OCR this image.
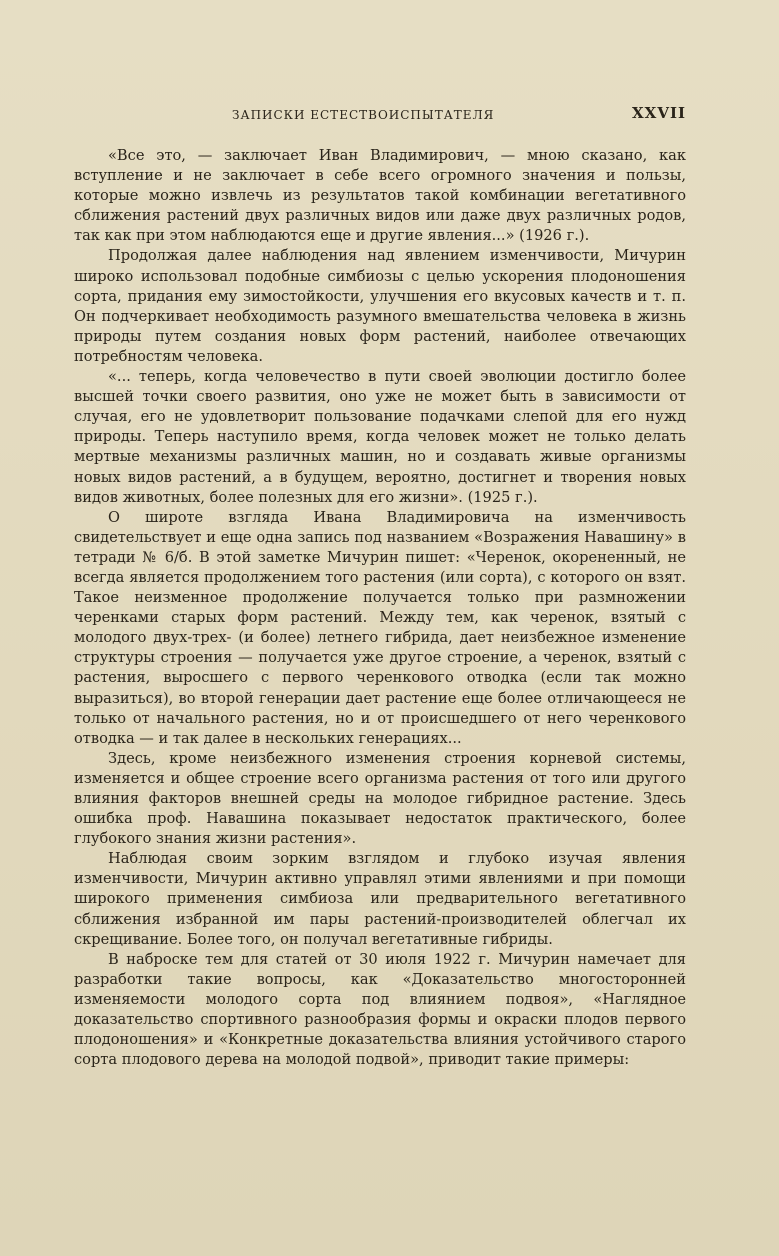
ЗАПИСКИ ЕСТЕСТВОИСПЫТАТЕЛЯ	XXVII

«Все это, — заключает Иван Владимирович, — мною сказано, как вступление и не заключает в себе всего огромного значения и пользы, которые можно извлечь из результатов такой комбинации вегетативного сближения растений двух различных видов или даже двух различных родов, так как при этом наблюдаются еще и другие явления...» (1926 г.).

Продолжая далее наблюдения над явлением изменчивости, Мичурин широко использовал подобные симбиозы с целью ускорения плодоношения сорта, придания ему зимостойкости, улучшения его вкусовых качеств и т. п. Он подчеркивает необходимость разумного вмешательства человека в жизнь природы путем создания новых форм растений, наиболее отвечающих потребностям человека.

«... теперь, когда человечество в пути своей эволюции достигло более высшей точки своего развития, оно уже не может быть в зависимости от случая, его не удовлетворит пользование подачками слепой для его нужд природы. Теперь наступило время, когда человек может не только делать мертвые механизмы различных машин, но и создавать живые организмы новых видов растений, а в будущем, вероятно, достигнет и творения новых видов животных, более полезных для его жизни». (1925 г.).

О широте взгляда Ивана Владимировича на изменчивость свидетельствует и еще одна запись под названием «Возражения Навашину» в тетради № 6/б. В этой заметке Мичурин пишет: «Черенок, окорененный, не всегда является продолжением того растения (или сорта), с которого он взят. Такое неизменное продолжение получается только при размножении черенками старых форм растений. Между тем, как черенок, взятый с молодого двух-трех- (и более) летнего гибрида, дает неизбежное изменение структуры строения — получается уже другое строение, а черенок, взятый с растения, выросшего с первого черенкового отводка (если так можно выразиться), во второй генерации дает растение еще более отличающееся не только от начального растения, но и от происшедшего от него черенкового отводка — и так далее в нескольких генерациях...

Здесь, кроме неизбежного изменения строения корневой системы, изменяется и общее строение всего организма растения от того или другого влияния факторов внешней среды на молодое гибридное растение. Здесь ошибка проф. Навашина показывает недостаток практического, более глубокого знания жизни растения».

Наблюдая своим зорким взглядом и глубоко изучая явления изменчивости, Мичурин активно управлял этими явлениями и при помощи широкого применения симбиоза или предварительного вегетативного сближения избранной им пары растений-производителей облегчал их скрещивание. Более того, он получал вегетативные гибриды.

В наброске тем для статей от 30 июля 1922 г. Мичурин намечает для разработки такие вопросы, как «Доказательство многосторонней изменяемости молодого сорта под влиянием подвоя», «Наглядное доказательство спортивного разнообразия формы и окраски плодов первого плодоношения» и «Конкретные доказательства влияния устойчивого старого сорта плодового дерева на молодой подвой», приводит такие примеры:
